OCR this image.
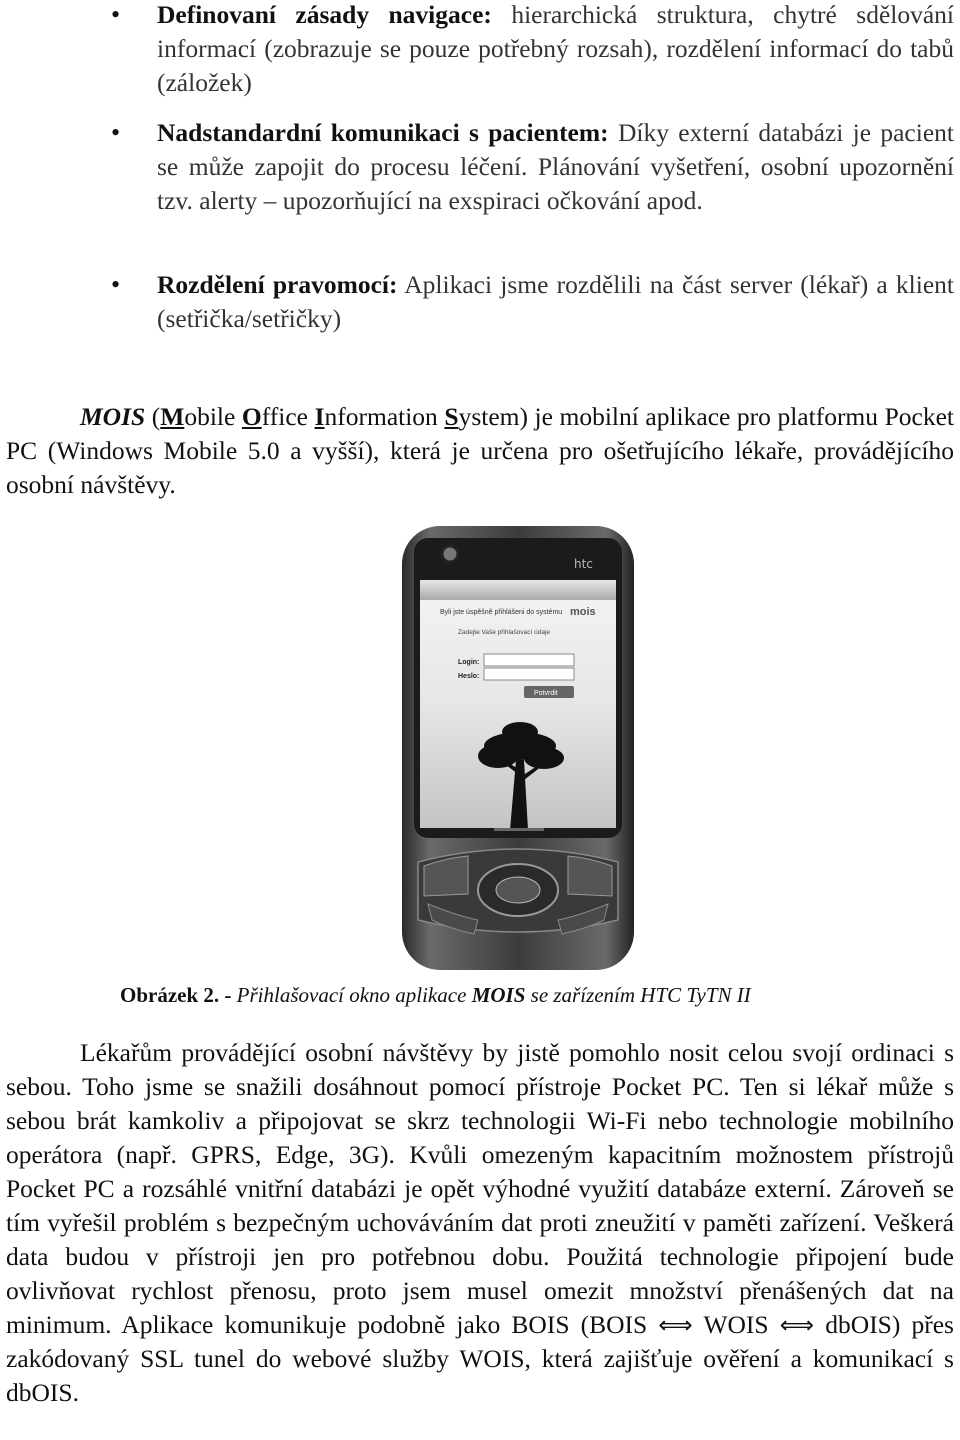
• Definovaní zásady navigace: hierarchická struktura, chytré sdělování informací (zobrazuje se pouze potřebný rozsah), rozdělení informací do tabů (záložek)
• Nadstandardní komunikaci s pacientem: Díky externí databázi je pacient se může zapojit do procesu léčení. Plánování vyšetření, osobní upozornění tzv. alerty – upozorňující na exspiraci očkování apod.
• Rozdělení pravomocí: Aplikaci jsme rozdělili na část server (lékař) a klient (setřička/setřičky)
MOIS (Mobile Office Information System) je mobilní aplikace pro platformu Pocket PC (Windows Mobile 5.0 a vyšší), která je určena pro ošetřujícího lékaře, provádějícího osobní návštěvy.
htc
Byli jste úspěšně přihlášeni do systému mois
Zadejte Vaše přihlašovací údaje
Login:
Heslo:
Potvrdit
Obrázek 2. - Přihlašovací okno aplikace MOIS se zařízením HTC TyTN II
Lékařům provádějící osobní návštěvy by jistě pomohlo nosit celou svojí ordinaci s sebou. Toho jsme se snažili dosáhnout pomocí přístroje Pocket PC. Ten si lékař může s sebou brát kamkoliv a připojovat se skrz technologii Wi-Fi nebo technologie mobilního operátora (např. GPRS, Edge, 3G). Kvůli omezeným kapacitním možnostem přístrojů Pocket PC a rozsáhlé vnitřní databázi je opět výhodné využití databáze externí. Zároveň se tím vyřešil problém s bezpečným uchováváním dat proti zneužití v paměti zařízení. Veškerá data budou v přístroji jen pro potřebnou dobu. Použitá technologie připojení bude ovlivňovat rychlost přenosu, proto jsem musel omezit množství přenášených dat na minimum. Aplikace komunikuje podobně jako BOIS (BOIS ⟺ WOIS ⟺ dbOIS) přes zakódovaný SSL tunel do webové služby WOIS, která zajišťuje ověření a komunikací s dbOIS.
